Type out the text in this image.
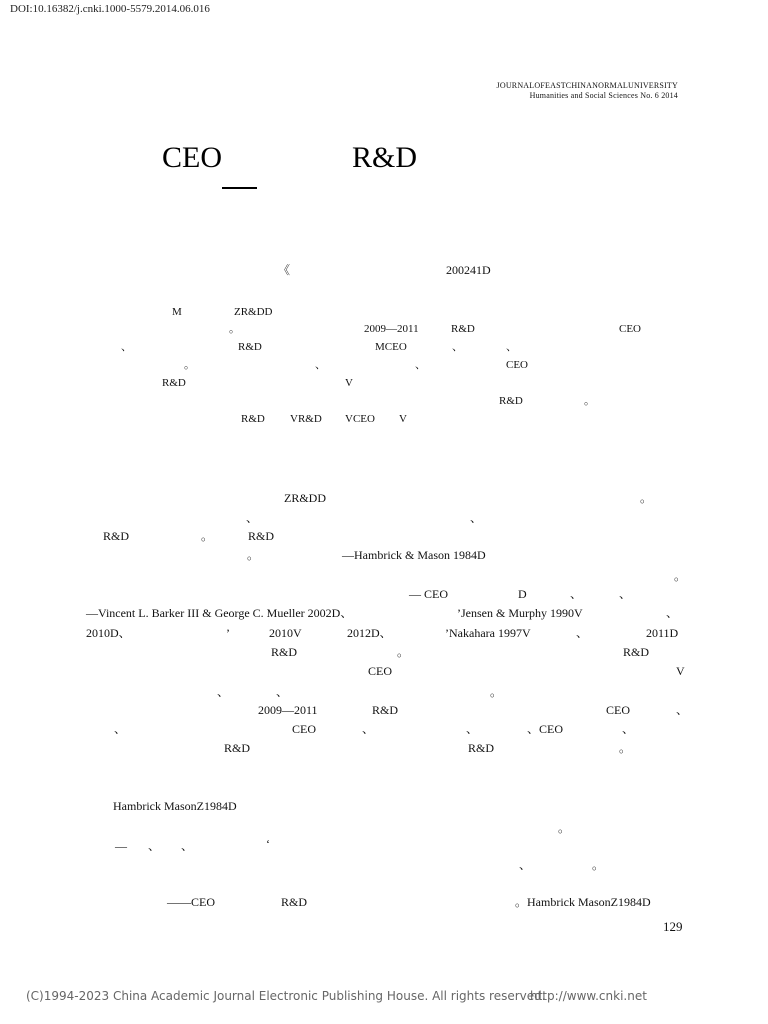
DOI:10.16382/j.cnki.1000-5579.2014.06.016
JOURNALOFEASTCHINANORMALUNIVERSITY
Humanities and Social Sciences No. 6 2014
CEO	R&D
《	200241D
M	ZR&DD
。	2009—2011	R&D	CEO
、	R&D	MCEO	、	、
。	、	、	CEO
R&D	V
R&D	。
R&D VR&D VCEO V
ZR&DD	。
、	、
R&D	。	R&D
。	—Hambrick & Mason 1984D
。
— CEO	D	、	、
—Vincent L. Barker III & George C. Mueller 2002D、	’Jensen & Murphy 1990V	、
2010D、	’	2010V	2012D、	’Nakahara 1997V	、	2011D
R&D	。	R&D
CEO	V
、	、	。
2009—2011	R&D	CEO	、
、	CEO	、	、	、CEO	、
R&D	R&D	。
Hambrick MasonZ1984D
。
— 、 、	‘
、	。
——CEO	R&D	。Hambrick MasonZ1984D
129
(C)1994-2023 China Academic Journal Electronic Publishing House. All rights reserved.
http://www.cnki.net
